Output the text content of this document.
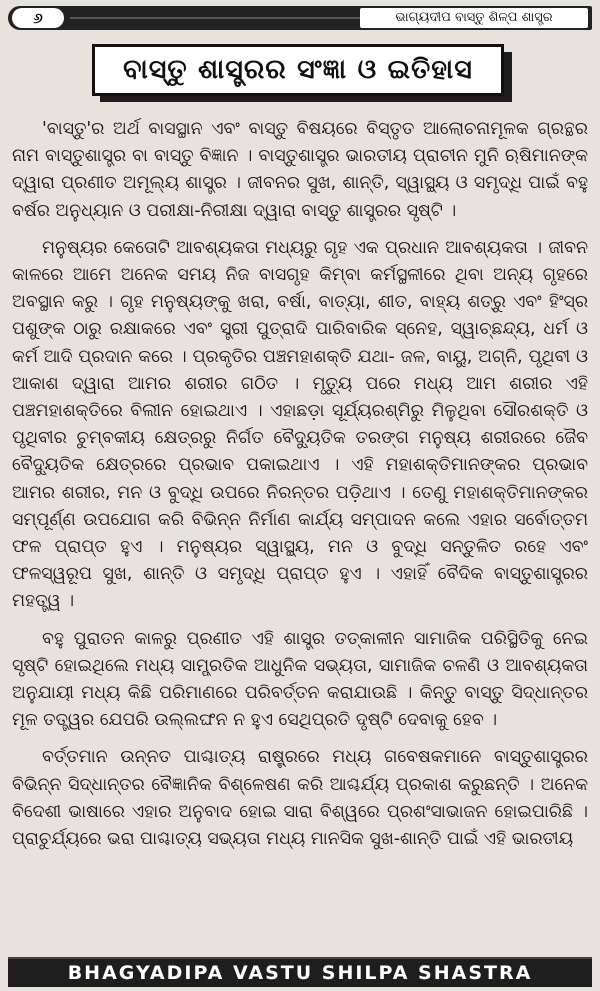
୬	ଭାଗ୍ୟଦୀପ ବାସ୍ତୁ ଶିଳ୍ପ ଶାସ୍ତ୍ର
ବାସ୍ତୁ ଶାସ୍ତ୍ରର ସଂଜ୍ଞା ଓ ଇତିହାସ

'ବାସ୍ତୁ'ର ଅର୍ଥ ବାସସ୍ଥାନ ଏବଂ ବାସ୍ତୁ ବିଷୟରେ ବିସ୍ତୃତ ଆଲୋଚନାମୂଳକ ଗ୍ରନ୍ଥର ନାମ ବାସ୍ତୁଶାସ୍ତ୍ର ବା ବାସ୍ତୁ ବିଜ୍ଞାନ । ବାସ୍ତୁଶାସ୍ତ୍ର ଭାରତୀୟ ପ୍ରାଚୀନ ମୁନି ଋଷିମାନଙ୍କ ଦ୍ୱାରା ପ୍ରଣୀତ ଅମୂଲ୍ୟ ଶାସ୍ତ୍ର । ଜୀବନର ସୁଖ, ଶାନ୍ତି, ସ୍ୱାସ୍ଥ୍ୟ ଓ ସମୃଦ୍ଧି ପାଇଁ ବହୁ ବର୍ଷର ଅନୁଧ୍ୟାନ ଓ ପରୀକ୍ଷା-ନିରୀକ୍ଷା ଦ୍ୱାରା ବାସ୍ତୁ ଶାସ୍ତ୍ରର ସୃଷ୍ଟି ।

ମନୁଷ୍ୟର କେତୋଟି ଆବଶ୍ୟକତା ମଧ୍ୟରୁ ଗୃହ ଏକ ପ୍ରଧାନ ଆବଶ୍ୟକତା । ଜୀବନ କାଳରେ ଆମେ ଅନେକ ସମୟ ନିଜ ବାସଗୃହ କିମ୍ବା କର୍ମସ୍ଥଳୀରେ ଥିବା ଅନ୍ୟ ଗୃହରେ ଅବସ୍ଥାନ କରୁ । ଗୃହ ମନୁଷ୍ୟଙ୍କୁ ଖରା, ବର୍ଷା, ବାତ୍ୟା, ଶୀତ, ବାହ୍ୟ ଶତ୍ରୁ ଏବଂ ହିଂସ୍ର ପଶୁଙ୍କ ଠାରୁ ରକ୍ଷାକରେ ଏବଂ ସ୍ତ୍ରୀ ପୁତ୍ରାଦି ପାରିବାରିକ ସ୍ନେହ, ସ୍ୱାଚ୍ଛନ୍ଦ୍ୟ, ଧର୍ମ ଓ କର୍ମ ଆଦି ପ୍ରଦାନ କରେ । ପ୍ରକୃତିର ପଞ୍ଚମହାଶକ୍ତି ଯଥା- ଜଳ, ବାୟୁ, ଅଗ୍ନି, ପୃଥିବୀ ଓ ଆକାଶ ଦ୍ୱାରା ଆମର ଶରୀର ଗଠିତ । ମୃତ୍ୟୁ ପରେ ମଧ୍ୟ ଆମ ଶରୀର ଏହି ପଞ୍ଚମହାଶକ୍ତିରେ ବିଲୀନ ହୋଇଥାଏ । ଏହାଛଡ଼ା ସୂର୍ଯ୍ୟରଶ୍ମିରୁ ମିଳୁଥିବା ସୌରଶକ୍ତି ଓ ପୃଥିବୀର ଚୁମ୍ବକୀୟ କ୍ଷେତ୍ରରୁ ନିର୍ଗତ ବୈଦ୍ୟୁତିକ ତରଙ୍ଗ ମନୁଷ୍ୟ ଶରୀରରେ ଜୈବ ବୈଦ୍ୟୁତିକ କ୍ଷେତ୍ରରେ ପ୍ରଭାବ ପକାଇଥାଏ । ଏହି ମହାଶକ୍ତିମାନଙ୍କର ପ୍ରଭାବ ଆମର ଶରୀର, ମନ ଓ ବୁଦ୍ଧି ଉପରେ ନିରନ୍ତର ପଡ଼ିଥାଏ । ତେଣୁ ମହାଶକ୍ତିମାନଙ୍କର ସମ୍ପୂର୍ଣ୍ଣ ଉପଯୋଗ କରି ବିଭିନ୍ନ ନିର୍ମାଣ କାର୍ଯ୍ୟ ସମ୍ପାଦନ କଲେ ଏହାର ସର୍ବୋତ୍ତମ ଫଳ ପ୍ରାପ୍ତ ହୁଏ । ମନୁଷ୍ୟର ସ୍ୱାସ୍ଥ୍ୟ, ମନ ଓ ବୁଦ୍ଧି ସନ୍ତୁଳିତ ରହେ ଏବଂ ଫଳସ୍ୱରୂପ ସୁଖ, ଶାନ୍ତି ଓ ସମୃଦ୍ଧି ପ୍ରାପ୍ତ ହୁଏ । ଏହାହିଁ ବୈଦିକ ବାସ୍ତୁଶାସ୍ତ୍ରର ମହତ୍ତ୍ୱ ।

ବହୁ ପୁରାତନ କାଳରୁ ପ୍ରଣୀତ ଏହି ଶାସ୍ତ୍ର ତତ୍କାଳୀନ ସାମାଜିକ ପରିସ୍ଥିତିକୁ ନେଇ ସୃଷ୍ଟି ହୋଇଥିଲେ ମଧ୍ୟ ସାମ୍ପ୍ରତିକ ଆଧୁନିକ ସଭ୍ୟତା, ସାମାଜିକ ଚଳଣି ଓ ଆବଶ୍ୟକତା ଅନୁଯାୟୀ ମଧ୍ୟ କିଛି ପରିମାଣରେ ପରିବର୍ତ୍ତନ କରାଯାଉଛି । କିନ୍ତୁ ବାସ୍ତୁ ସିଦ୍ଧାନ୍ତର ମୂଳ ତତ୍ତ୍ୱର ଯେପରି ଉଲ୍ଲଙ୍ଘନ ନ ହୁଏ ସେଥିପ୍ରତି ଦୃଷ୍ଟି ଦେବାକୁ ହେବ ।

ବର୍ତ୍ତମାନ ଉନ୍ନତ ପାଶ୍ଚାତ୍ୟ ରାଷ୍ଟ୍ରରେ ମଧ୍ୟ ଗବେଷକମାନେ ବାସ୍ତୁଶାସ୍ତ୍ରର ବିଭିନ୍ନ ସିଦ୍ଧାନ୍ତର ବୈଜ୍ଞାନିକ ବିଶ୍ଳେଷଣ କରି ଆଶ୍ଚର୍ଯ୍ୟ ପ୍ରକାଶ କରୁଛନ୍ତି । ଅନେକ ବିଦେଶୀ ଭାଷାରେ ଏହାର ଅନୁବାଦ ହୋଇ ସାରା ବିଶ୍ୱରେ ପ୍ରଶଂସାଭାଜନ ହୋଇପାରିଛି । ପ୍ରାଚୁର୍ଯ୍ୟରେ ଭରା ପାଶ୍ଚାତ୍ୟ ସଭ୍ୟତା ମଧ୍ୟ ମାନସିକ ସୁଖ-ଶାନ୍ତି ପାଇଁ ଏହି ଭାରତୀୟ

BHAGYADIPA VASTU SHILPA SHASTRA
